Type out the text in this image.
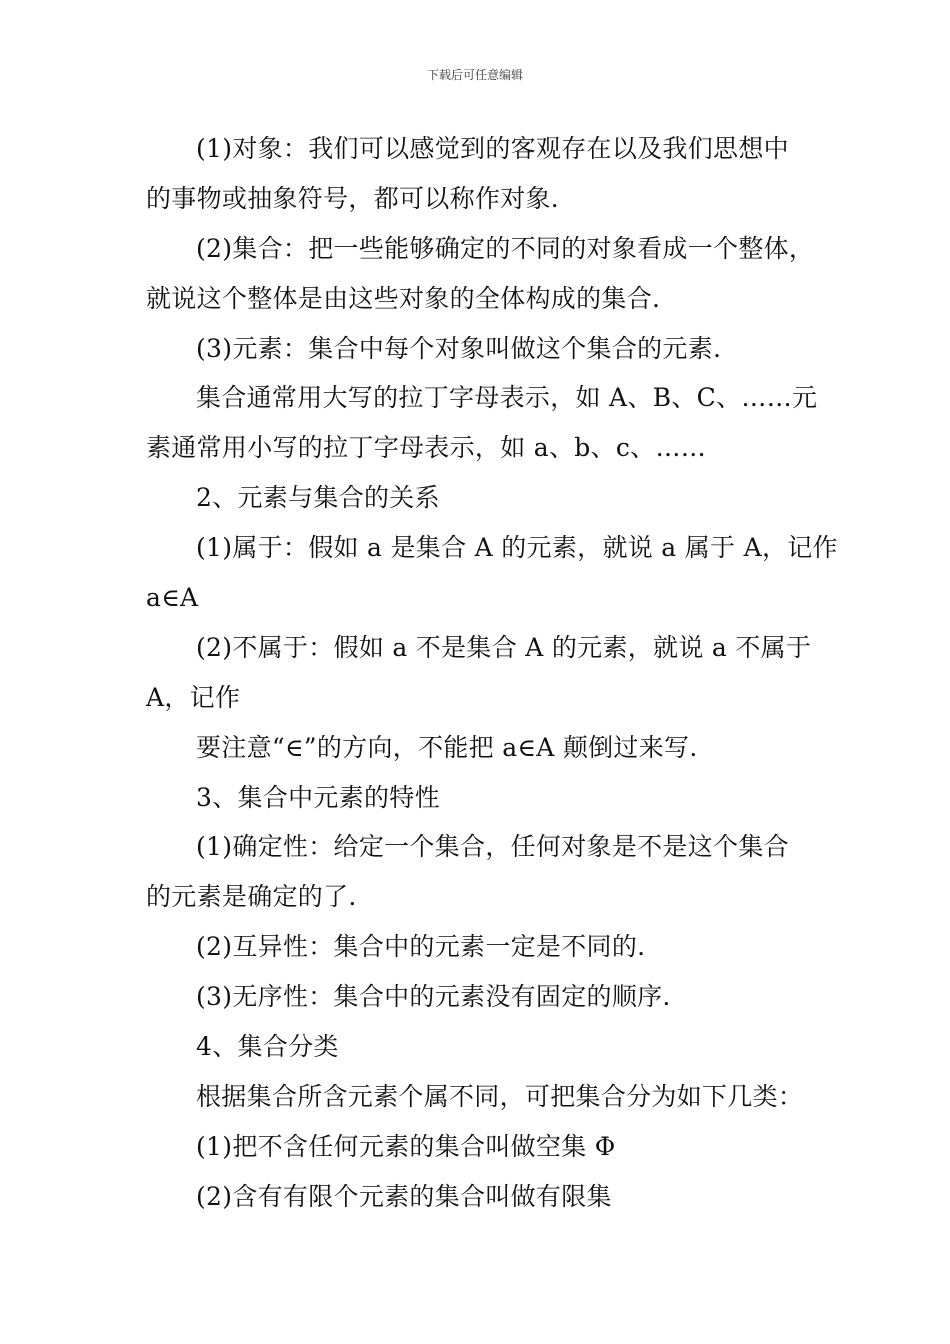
下载后可任意编辑
(1)对象：我们可以感觉到的客观存在以及我们思想中
的事物或抽象符号，都可以称作对象.
(2)集合：把一些能够确定的不同的对象看成一个整体，
就说这个整体是由这些对象的全体构成的集合.
(3)元素：集合中每个对象叫做这个集合的元素.
集合通常用大写的拉丁字母表示，如 A、B、C、……元
素通常用小写的拉丁字母表示，如 a、b、c、……
2、元素与集合的关系
(1)属于：假如 a 是集合 A 的元素，就说 a 属于 A，记作
a∈A
(2)不属于：假如 a 不是集合 A 的元素，就说 a 不属于
A，记作
要注意“∈”的方向，不能把 a∈A 颠倒过来写.
3、集合中元素的特性
(1)确定性：给定一个集合，任何对象是不是这个集合
的元素是确定的了.
(2)互异性：集合中的元素一定是不同的.
(3)无序性：集合中的元素没有固定的顺序.
4、集合分类
根据集合所含元素个属不同，可把集合分为如下几类：
(1)把不含任何元素的集合叫做空集 Φ
(2)含有有限个元素的集合叫做有限集
